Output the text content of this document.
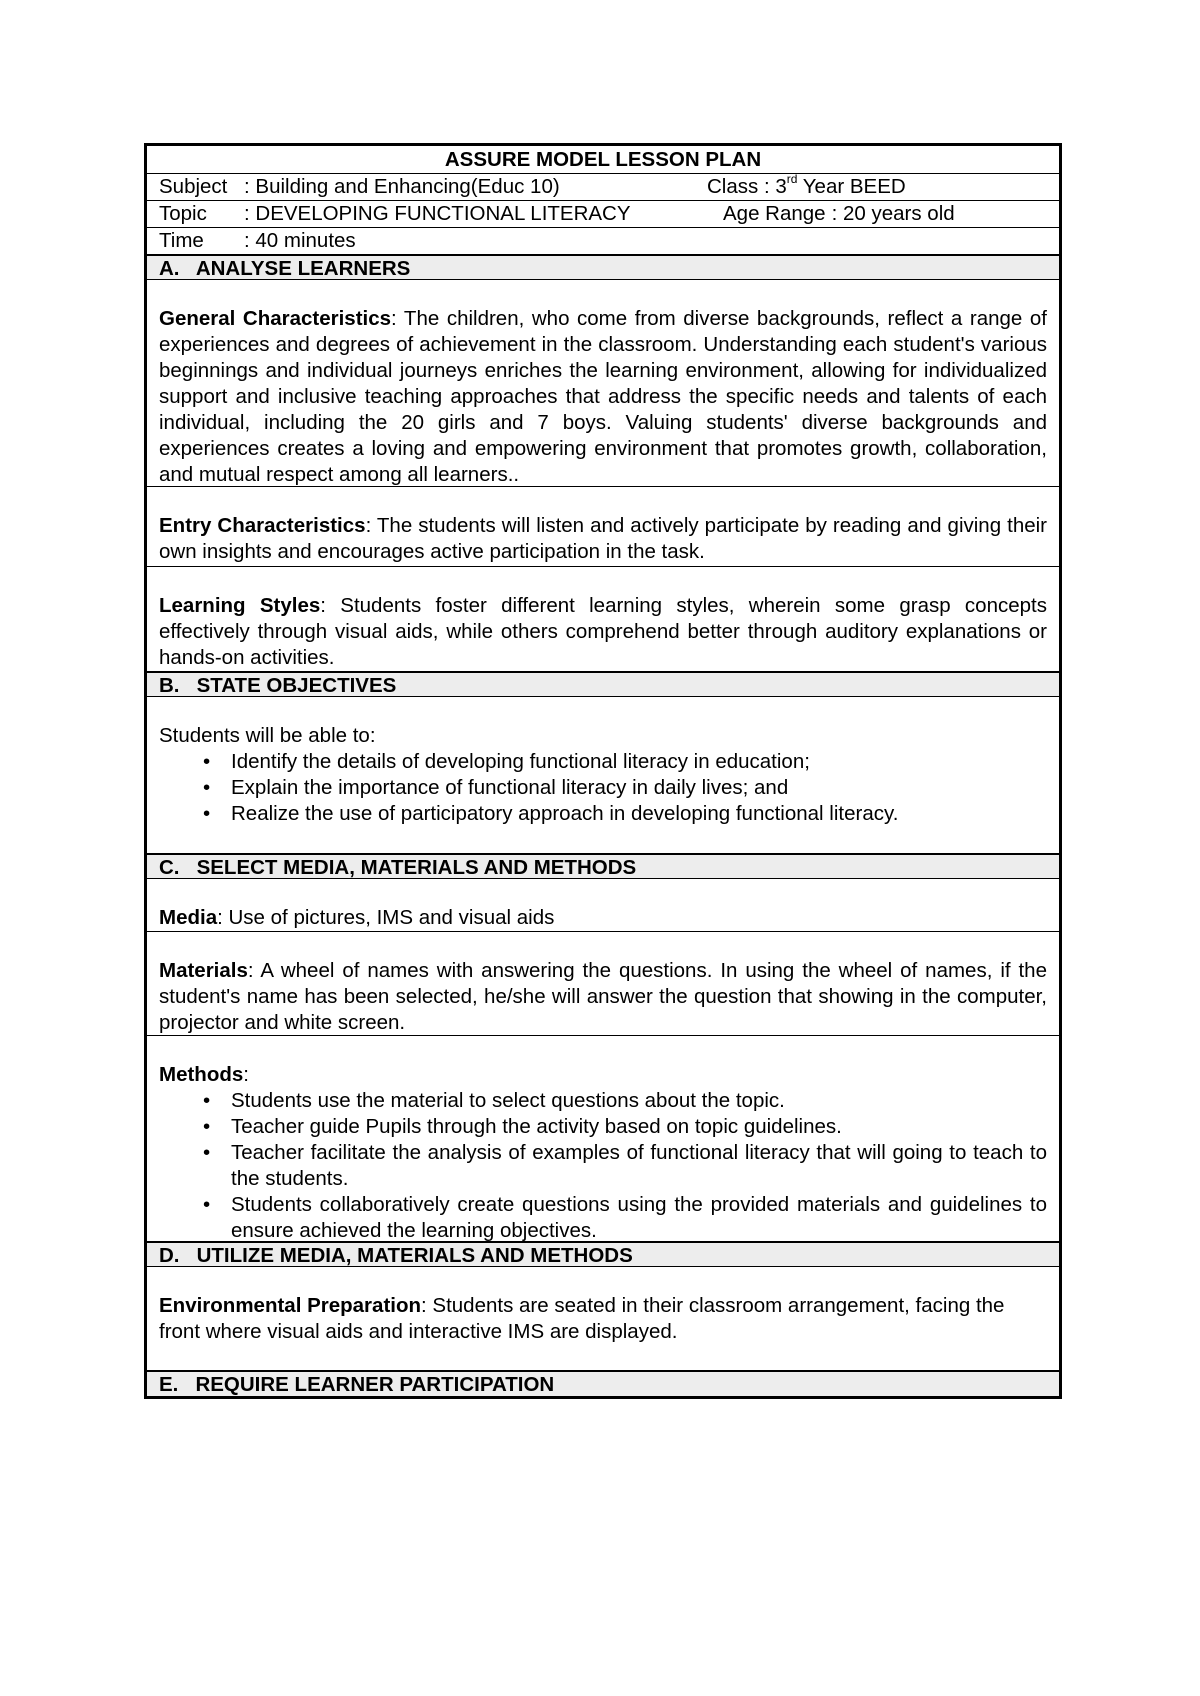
ASSURE MODEL LESSON PLAN
Subject : Building and Enhancing(Educ 10)	Class : 3rd Year BEED
Topic	: DEVELOPING FUNCTIONAL LITERACY	Age Range : 20 years old
Time	: 40 minutes
A.   ANALYSE LEARNERS
General Characteristics: The children, who come from diverse backgrounds, reflect a range of experiences and degrees of achievement in the classroom. Understanding each student's various beginnings and individual journeys enriches the learning environment, allowing for individualized support and inclusive teaching approaches that address the specific needs and talents of each individual, including the 20 girls and 7 boys. Valuing students' diverse backgrounds and experiences creates a loving and empowering environment that promotes growth, collaboration, and mutual respect among all learners..
Entry Characteristics: The students will listen and actively participate by reading and giving their own insights and encourages active participation in the task.
Learning Styles: Students foster different learning styles, wherein some grasp concepts effectively through visual aids, while others comprehend better through auditory explanations or hands-on activities.
B.   STATE OBJECTIVES
Students will be able to:
•	Identify the details of developing functional literacy in education;
•	Explain the importance of functional literacy in daily lives; and
•	Realize the use of participatory approach in developing functional literacy.
C.   SELECT MEDIA, MATERIALS AND METHODS
Media: Use of pictures, IMS and visual aids
Materials: A wheel of names with answering the questions. In using the wheel of names, if the student's name has been selected, he/she will answer the question that showing in the computer, projector and white screen.
Methods:
•	Students use the material to select questions about the topic.
•	Teacher guide Pupils through the activity based on topic guidelines.
•	Teacher facilitate the analysis of examples of functional literacy that will going to teach to the students.
•	Students collaboratively create questions using the provided materials and guidelines to ensure achieved the learning objectives.
D.   UTILIZE MEDIA, MATERIALS AND METHODS
Environmental Preparation: Students are seated in their classroom arrangement, facing the front where visual aids and interactive IMS are displayed.
E.   REQUIRE LEARNER PARTICIPATION
